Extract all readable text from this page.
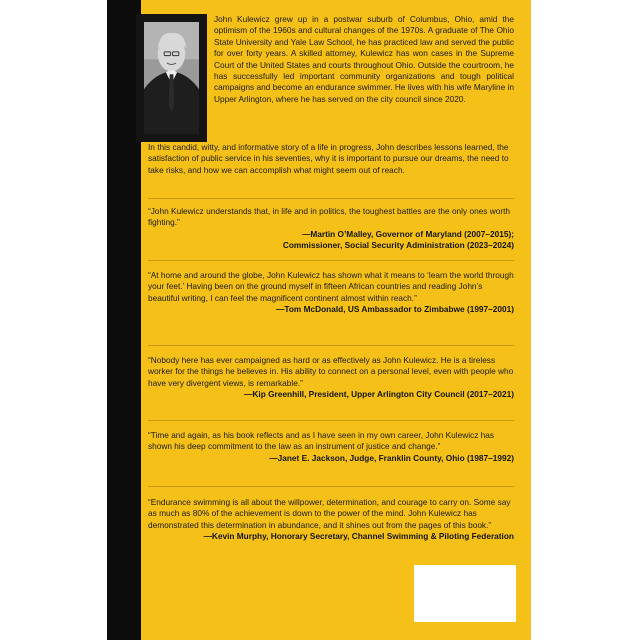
John Kulewicz grew up in a postwar suburb of Columbus, Ohio, amid the optimism of the 1960s and cultural changes of the 1970s. A graduate of The Ohio State University and Yale Law School, he has practiced law and served the public for over forty years. A skilled attorney, Kulewicz has won cases in the Supreme Court of the United States and courts throughout Ohio. Outside the courtroom, he has successfully led important community organizations and tough political campaigns and become an endurance swimmer. He lives with his wife Maryline in Upper Arlington, where he has served on the city council since 2020.
In this candid, witty, and informative story of a life in progress, John describes lessons learned, the satisfaction of public service in his seventies, why it is important to pursue our dreams, the need to take risks, and how we can accomplish what might seem out of reach.
“John Kulewicz understands that, in life and in politics, the toughest battles are the only ones worth fighting.”
—Martin O’Malley, Governor of Maryland (2007–2015);
Commissioner, Social Security Administration (2023–2024)
“At home and around the globe, John Kulewicz has shown what it means to ‘learn the world through your feet.’ Having been on the ground myself in fifteen African countries and reading John’s beautiful writing, I can feel the magnificent continent almost within reach.”
—Tom McDonald, US Ambassador to Zimbabwe (1997–2001)
“Nobody here has ever campaigned as hard or as effectively as John Kulewicz. He is a tireless worker for the things he believes in. His ability to connect on a personal level, even with people who have very divergent views, is remarkable.”
—Kip Greenhill, President, Upper Arlington City Council (2017–2021)
“Time and again, as his book reflects and as I have seen in my own career, John Kulewicz has shown his deep commitment to the law as an instrument of justice and change.”
—Janet E. Jackson, Judge, Franklin County, Ohio (1987–1992)
“Endurance swimming is all about the willpower, determination, and courage to carry on. Some say as much as 80% of the achievement is down to the power of the mind. John Kulewicz has demonstrated this determination in abundance, and it shines out from the pages of this book.”
—Kevin Murphy, Honorary Secretary, Channel Swimming & Piloting Federation
